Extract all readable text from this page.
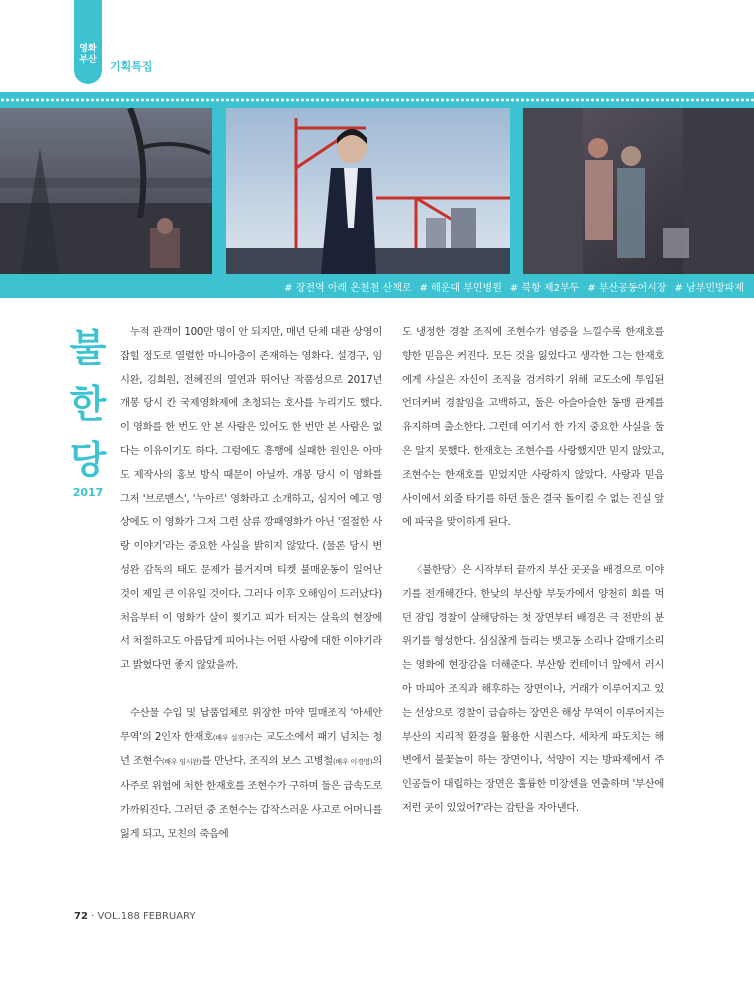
영화
부산	기획특집
# 장전역 아래 온천천 산책로 # 해운대 부민병원 # 북항 제2부두 # 부산공동어시장 # 남부민방파제
불
한
당
2017

누적 관객이 100만 명이 안 되지만, 매년 단체 대관 상영이 잡힐 정도로 열렬한 마니아층이 존재하는 영화다. 설경구, 임시완, 김희원, 전혜진의 열연과 뛰어난 작품성으로 2017년 개봉 당시 칸 국제영화제에 초청되는 호사를 누리기도 했다. 이 영화를 한 번도 안 본 사람은 있어도 한 번만 본 사람은 없다는 이유이기도 하다. 그럼에도 흥행에 실패한 원인은 아마도 제작사의 홍보 방식 때문이 아닐까. 개봉 당시 이 영화를 그저 '브로맨스', '누아르' 영화라고 소개하고, 심지어 예고 영상에도 이 영화가 그저 그런 삼류 깡패영화가 아닌 '절절한 사랑 이야기'라는 중요한 사실을 밝히지 않았다. (물론 당시 변성완 감독의 태도 문제가 불거지며 티켓 불매운동이 일어난 것이 제일 큰 이유일 것이다. 그러나 이후 오해임이 드러났다) 처음부터 이 영화가 살이 찢기고 피가 터지는 살육의 현장에서 처절하고도 아름답게 피어나는 어떤 사랑에 대한 이야기라고 밝혔다면 좋지 않았을까.

수산물 수입 및 납품업체로 위장한 마약 밀매조직 '아세안무역'의 2인자 한재호(배우 설경구)는 교도소에서 패기 넘치는 청년 조현수(배우 임시완)를 만난다. 조직의 보스 고병철(배우 이경영)의 사주로 위험에 처한 한재호를 조현수가 구하며 둘은 급속도로 가까워진다. 그러던 중 조현수는 갑작스러운 사고로 어머니를 잃게 되고, 모친의 죽음에

도 냉정한 경찰 조직에 조현수가 염증을 느낄수록 한재호를 향한 믿음은 커진다. 모든 것을 잃었다고 생각한 그는 한재호에게 사실은 자신이 조직을 검거하기 위해 교도소에 투입된 언더커버 경찰임을 고백하고, 둘은 아슬아슬한 동맹 관계를 유지하며 출소한다. 그런데 여기서 한 가지 중요한 사실을 둘은 알지 못했다. 한재호는 조현수를 사랑했지만 믿지 않았고, 조현수는 한재호를 믿었지만 사랑하지 않았다. 사랑과 믿음 사이에서 외줄 타기를 하던 둘은 결국 돌이킬 수 없는 진실 앞에 파국을 맞이하게 된다.

〈불한당〉은 시작부터 끝까지 부산 곳곳을 배경으로 이야기를 전개해간다. 한낮의 부산항 부둣가에서 양천히 회를 먹던 잠입 경찰이 살해당하는 첫 장면부터 배경은 극 전반의 분위기를 형성한다. 심심찮게 들리는 뱃고동 소리나 갈매기소리는 영화에 현장감을 더해준다. 부산항 컨테이너 앞에서 러시아 마피아 조직과 해후하는 장면이나, 거래가 이루어지고 있는 선상으로 경찰이 급습하는 장면은 해상 무역이 이루어지는 부산의 지리적 환경을 활용한 시퀀스다. 세차게 파도치는 해변에서 불꽃놀이 하는 장면이나, 석양이 지는 방파제에서 주인공들이 대립하는 장면은 훌륭한 미장센을 연출하며 '부산에 저런 곳이 있었어?'라는 감탄을 자아낸다.

72 · VOL.188 FEBRUARY
